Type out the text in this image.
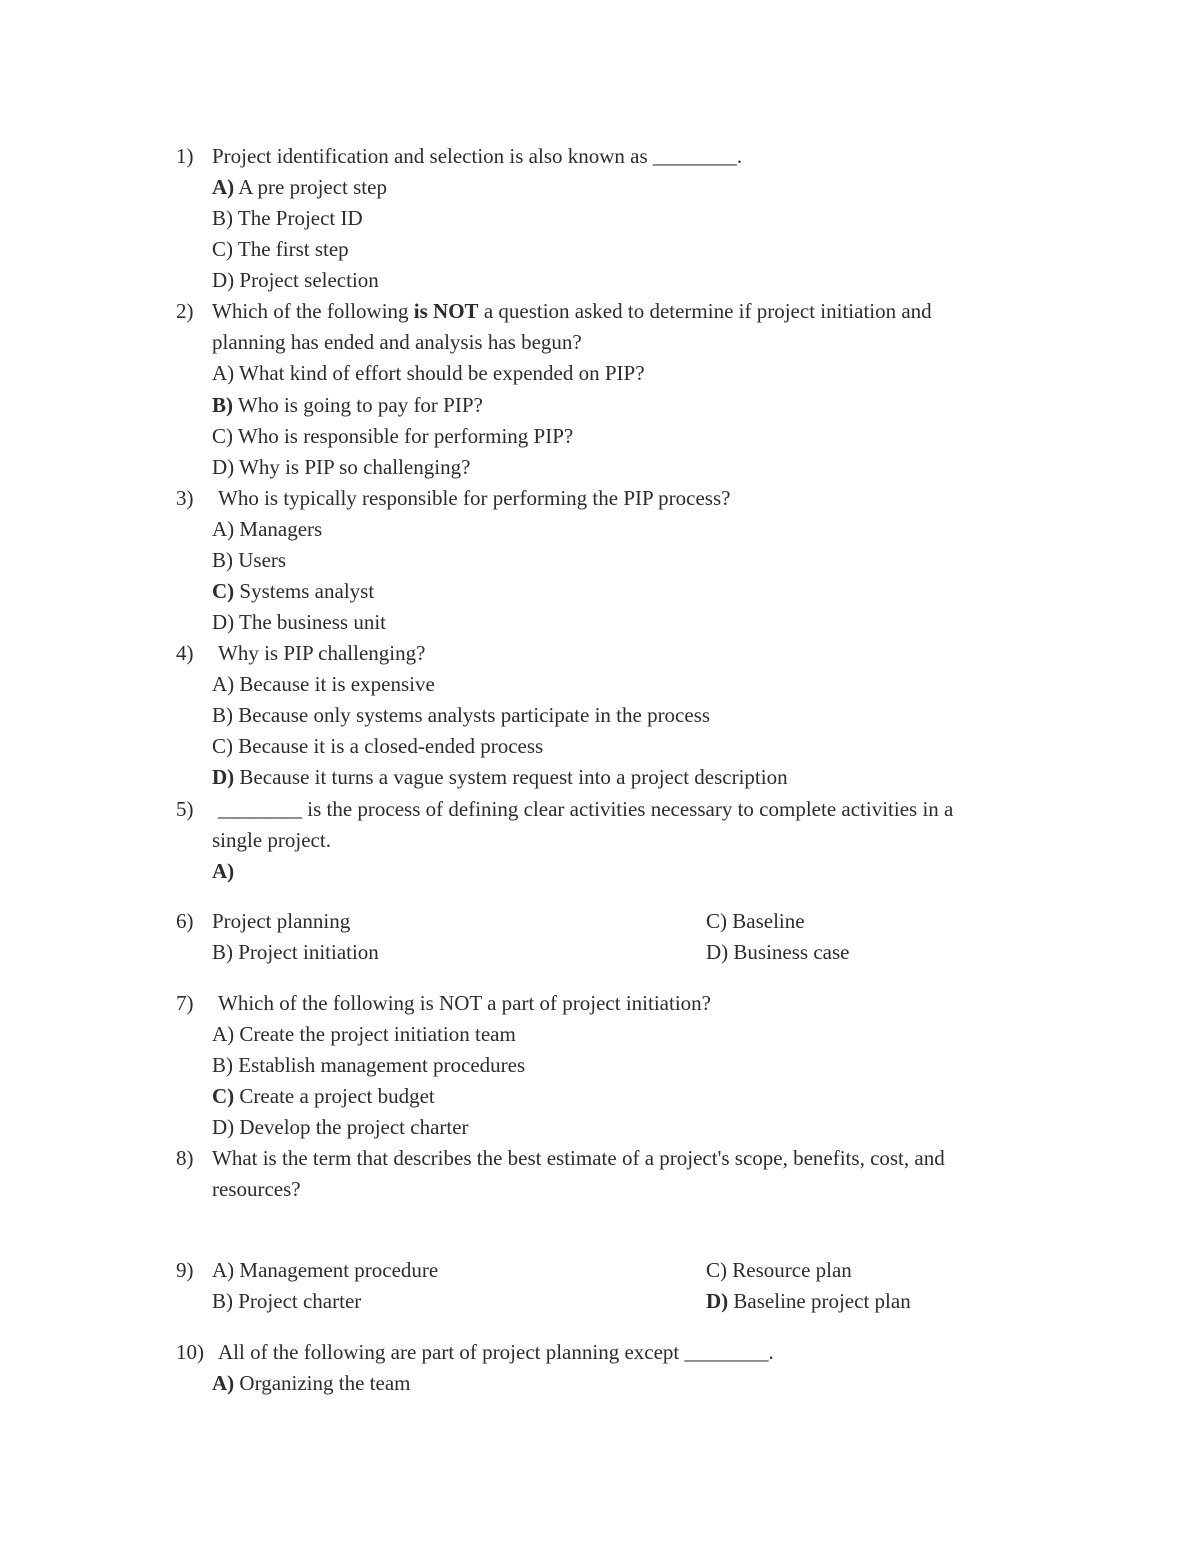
1) Project identification and selection is also known as ________.
A) A pre project step
B) The Project ID
C) The first step
D) Project selection
2) Which of the following is NOT a question asked to determine if project initiation and
planning has ended and analysis has begun?
A) What kind of effort should be expended on PIP?
B) Who is going to pay for PIP?
C) Who is responsible for performing PIP?
D) Why is PIP so challenging?
3) Who is typically responsible for performing the PIP process?
A) Managers
B) Users
C) Systems analyst
D) The business unit
4) Why is PIP challenging?
A) Because it is expensive
B) Because only systems analysts participate in the process
C) Because it is a closed-ended process
D) Because it turns a vague system request into a project description
5) ________ is the process of defining clear activities necessary to complete activities in a
single project.
A)
6) Project planning	C) Baseline
B) Project initiation	D) Business case
7) Which of the following is NOT a part of project initiation?
A) Create the project initiation team
B) Establish management procedures
C) Create a project budget
D) Develop the project charter
8) What is the term that describes the best estimate of a project's scope, benefits, cost, and
resources?
9) A) Management procedure	C) Resource plan
B) Project charter	D) Baseline project plan
10) All of the following are part of project planning except ________.
A) Organizing the team
